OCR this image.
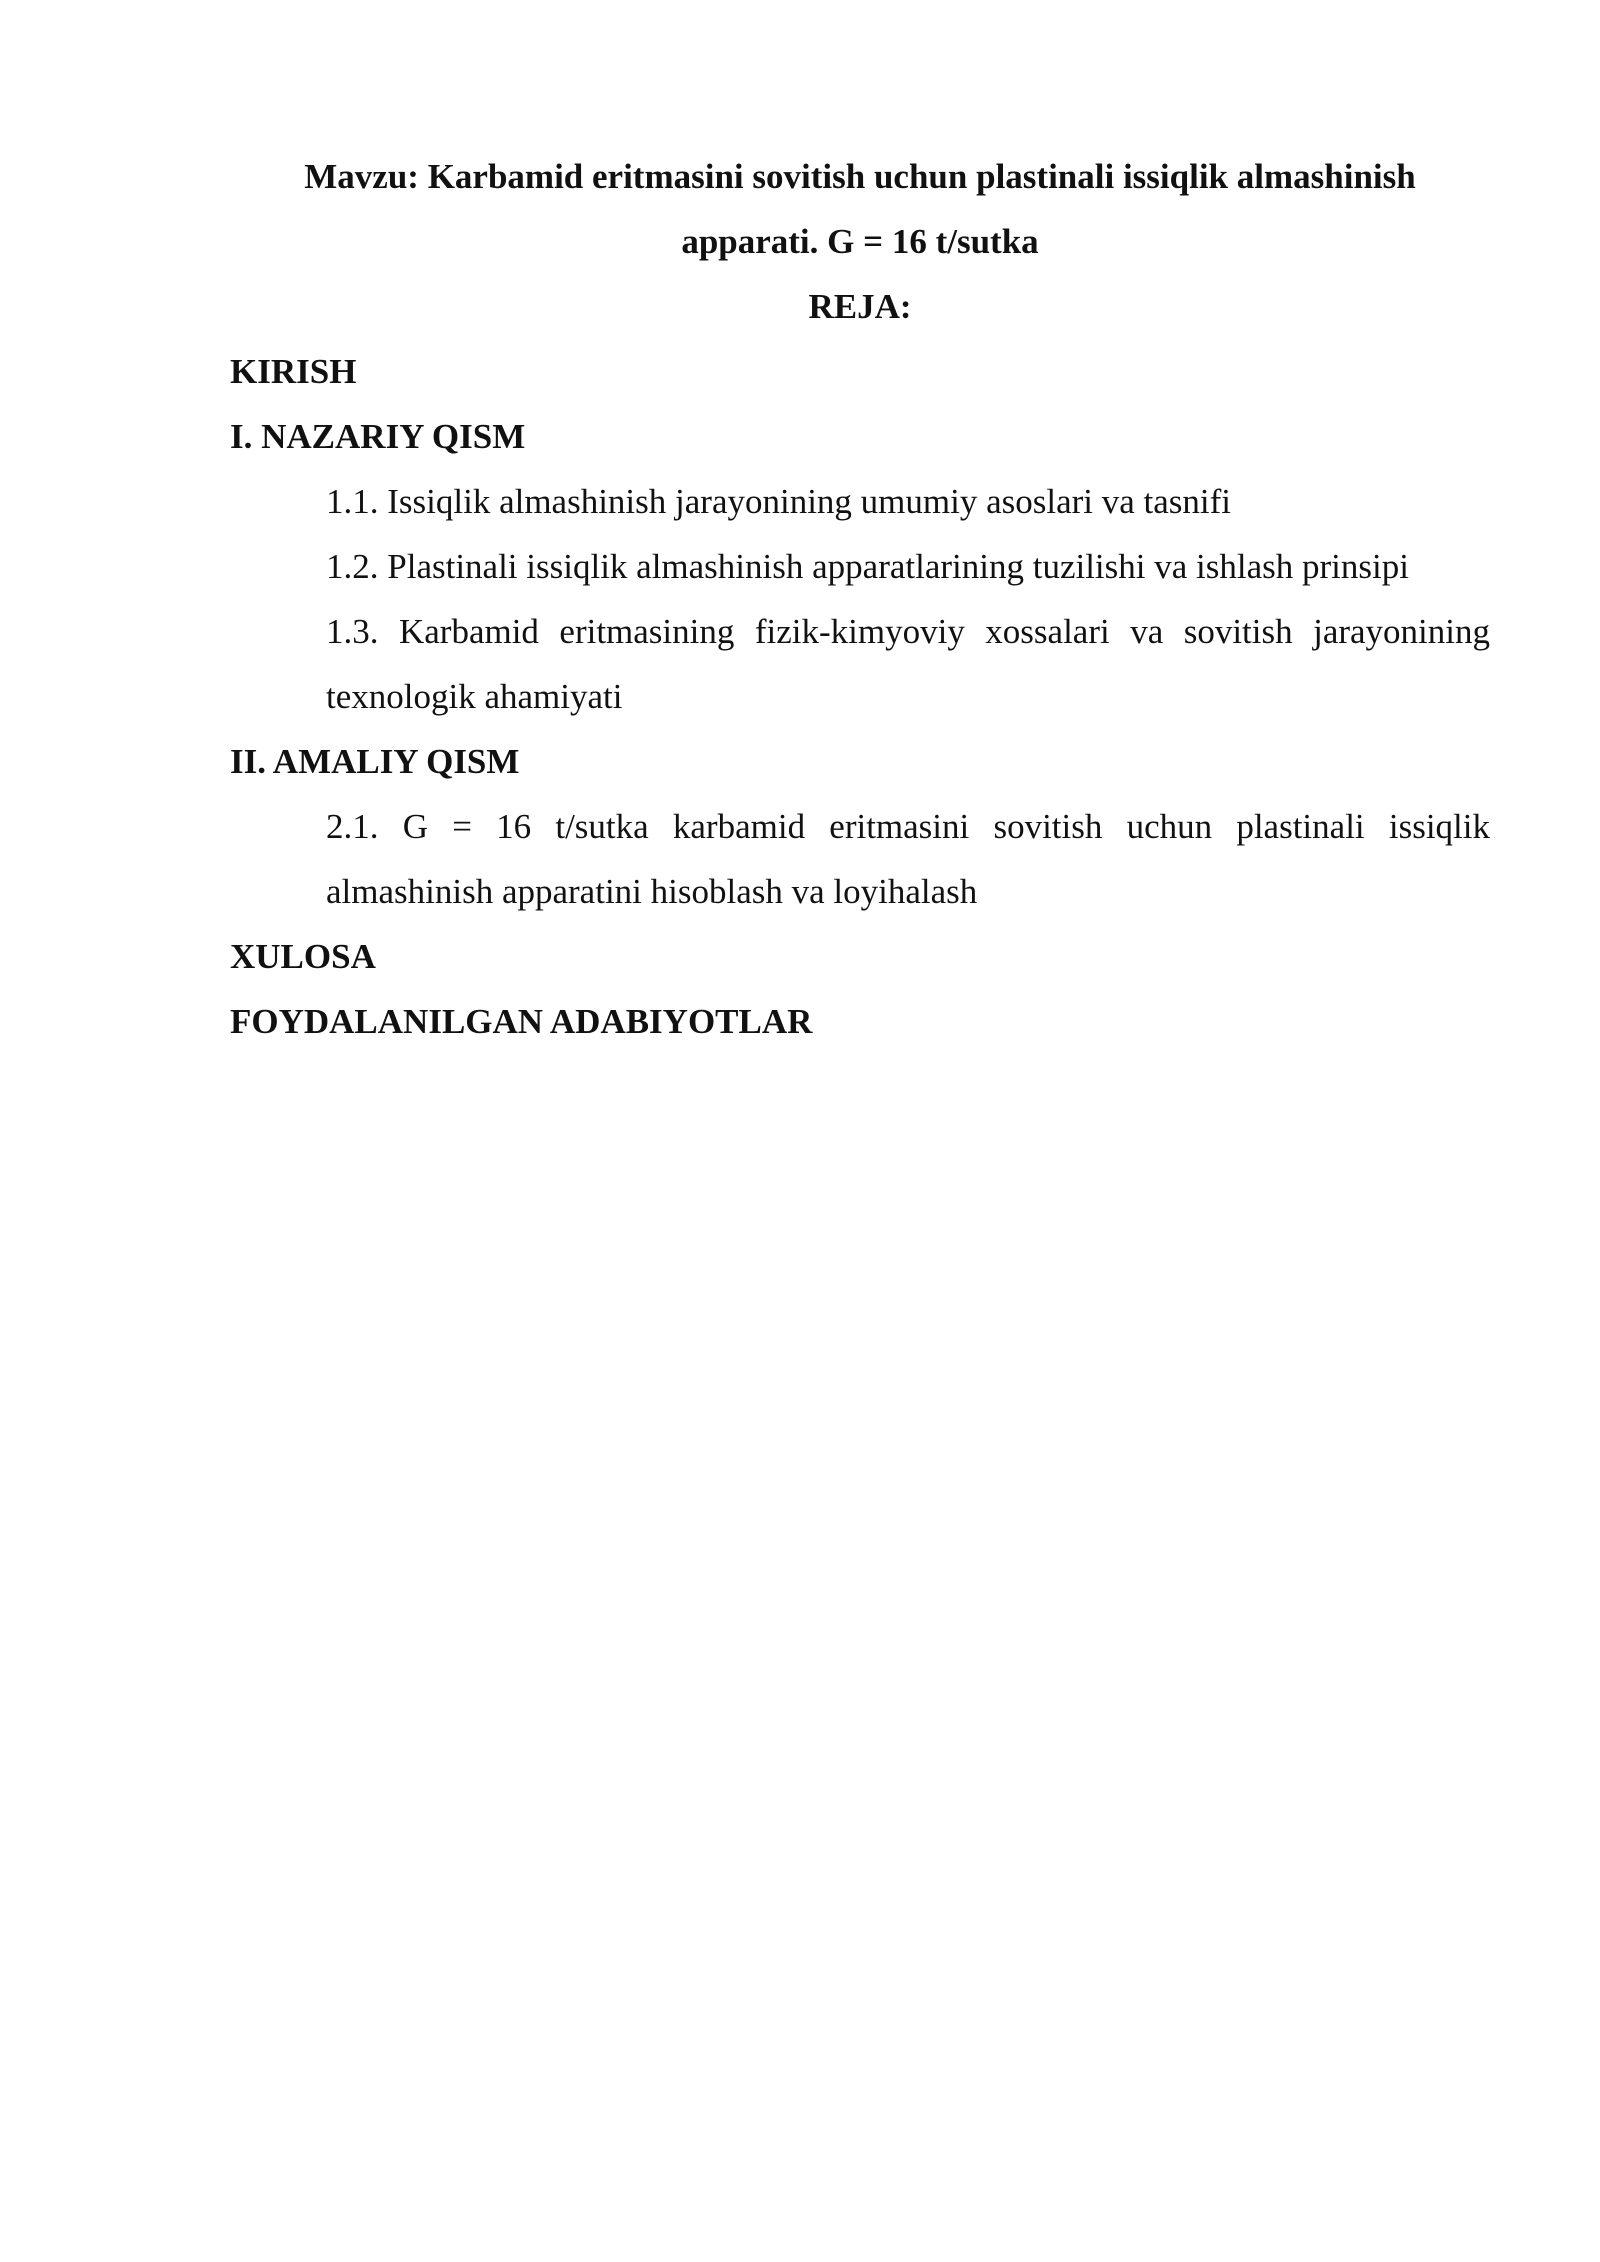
Mavzu: Karbamid eritmasini sovitish uchun plastinali issiqlik almashinish
apparati. G = 16 t/sutka

REJA:

KIRISH

I. NAZARIY QISM

1.1. Issiqlik almashinish jarayonining umumiy asoslari va tasnifi

1.2. Plastinali issiqlik almashinish apparatlarining tuzilishi va ishlash prinsipi

1.3. Karbamid eritmasining fizik-kimyoviy xossalari va sovitish jarayonining texnologik ahamiyati

II. AMALIY QISM

2.1. G = 16 t/sutka karbamid eritmasini sovitish uchun plastinali issiqlik almashinish apparatini hisoblash va loyihalash

XULOSA

FOYDALANILGAN ADABIYOTLAR
